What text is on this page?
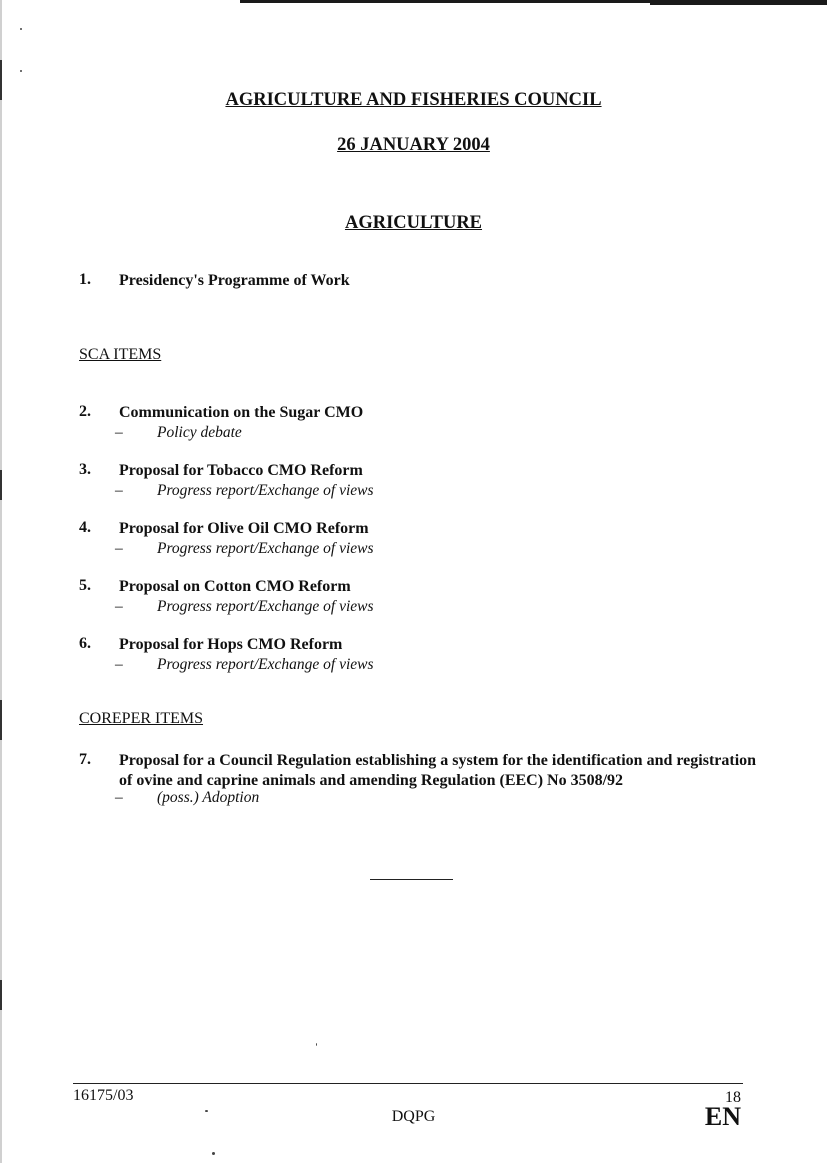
AGRICULTURE AND FISHERIES COUNCIL
26 JANUARY 2004
AGRICULTURE
1. Presidency's Programme of Work
SCA ITEMS
2. Communication on the Sugar CMO
– Policy debate
3. Proposal for Tobacco CMO Reform
– Progress report/Exchange of views
4. Proposal for Olive Oil CMO Reform
– Progress report/Exchange of views
5. Proposal on Cotton CMO Reform
– Progress report/Exchange of views
6. Proposal for Hops CMO Reform
– Progress report/Exchange of views
COREPER ITEMS
7. Proposal for a Council Regulation establishing a system for the identification and registration of ovine and caprine animals and amending Regulation (EEC) No 3508/92
– (poss.) Adoption
16175/03	18
DQPG	EN
